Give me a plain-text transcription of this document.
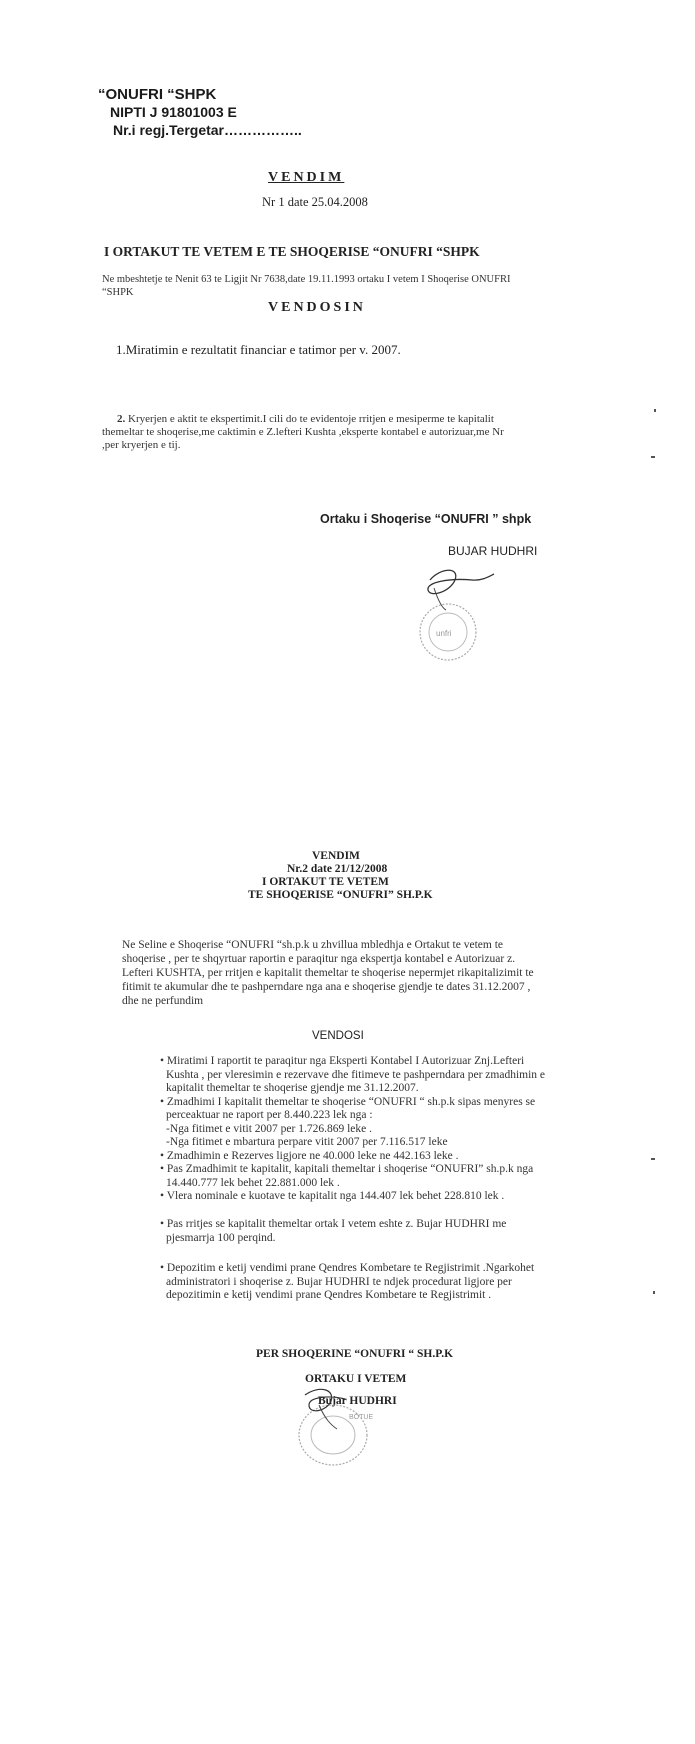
“ONUFRI “SHPK
NIPTI J 91801003 E
Nr.i regj.Tergetar……………..
VENDIM
Nr 1 date 25.04.2008
I ORTAKUT TE VETEM E TE SHOQERISE “ONUFRI “SHPK
Ne mbeshtetje te Nenit 63 te Ligjit Nr 7638,date 19.11.1993 ortaku I vetem I Shoqerise ONUFRI
“SHPK
VENDOSIN
1.Miratimin e rezultatit financiar e tatimor per v. 2007.
2. Kryerjen e aktit te ekspertimit.I cili do te evidentoje rritjen e mesiperme te kapitalit
themeltar te shoqerise,me caktimin e Z.lefteri Kushta ,eksperte kontabel e autorizuar,me Nr
,per kryerjen e tij.
Ortaku i Shoqerise “ONUFRI ” shpk
BUJAR HUDHRI
unfri
VENDIM
Nr.2 date 21/12/2008
I ORTAKUT TE VETEM
TE SHOQERISE “ONUFRI” SH.P.K
Ne Seline e Shoqerise “ONUFRI “sh.p.k u zhvillua mbledhja e Ortakut te vetem te
shoqerise , per te shqyrtuar raportin e paraqitur nga ekspertja kontabel e Autorizuar z.
Lefteri KUSHTA, per rritjen e kapitalit themeltar te shoqerise nepermjet rikapitalizimit te
fitimit te akumular dhe te pashperndare nga ana e shoqerise gjendje te dates 31.12.2007 ,
dhe ne perfundim
VENDOSI
• Miratimi I raportit te paraqitur nga Eksperti Kontabel I Autorizuar Znj.Lefteri
Kushta , per vleresimin e rezervave dhe fitimeve te pashperndara per zmadhimin e
kapitalit themeltar te shoqerise gjendje me 31.12.2007.
• Zmadhimi I kapitalit themeltar te shoqerise “ONUFRI “ sh.p.k sipas menyres se
perceaktuar ne raport per 8.440.223 lek nga :
-Nga fitimet e vitit 2007 per 1.726.869 leke .
-Nga fitimet e mbartura perpare vitit 2007 per 7.116.517 leke
• Zmadhimin e Rezerves ligjore ne 40.000 leke ne 442.163 leke .
• Pas Zmadhimit te kapitalit, kapitali themeltar i shoqerise “ONUFRI” sh.p.k nga
14.440.777 lek behet 22.881.000 lek .
• Vlera nominale e kuotave te kapitalit nga 144.407 lek behet 228.810 lek .
• Pas rritjes se kapitalit themeltar ortak I vetem eshte z. Bujar HUDHRI me
pjesmarrja 100 perqind.
• Depozitim e ketij vendimi prane Qendres Kombetare te Regjistrimit .Ngarkohet
administratori i shoqerise z. Bujar HUDHRI te ndjek procedurat ligjore per
depozitimin e ketij vendimi prane Qendres Kombetare te Regjistrimit .
PER SHOQERINE “ONUFRI “ SH.P.K
ORTAKU I VETEM
Bujar HUDHRI
BOTUE
